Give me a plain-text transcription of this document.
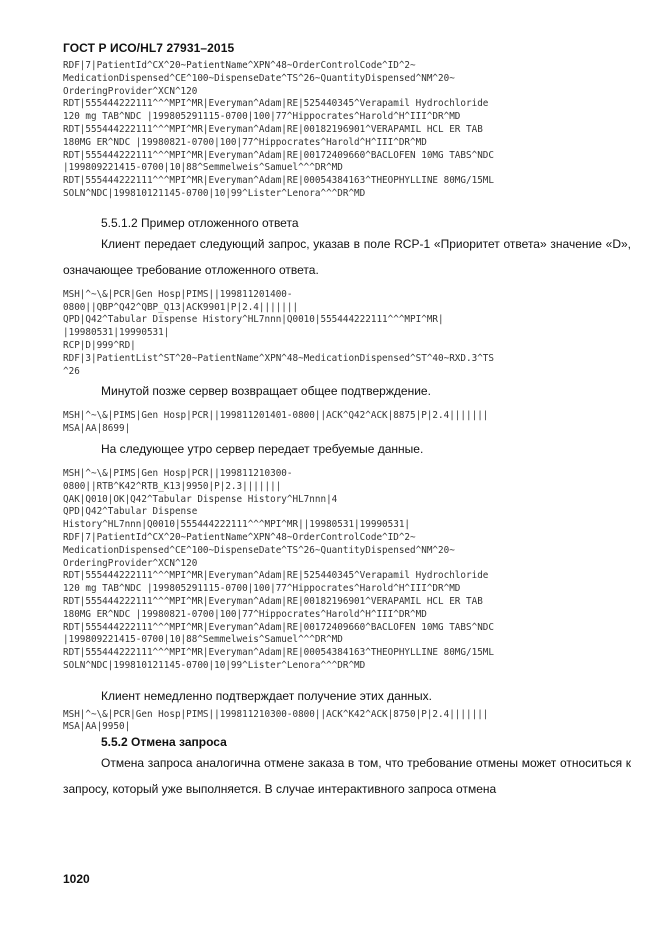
ГОСТ Р ИСО/HL7 27931–2015
RDF|7|PatientId^CX^20~PatientName^XPN^48~OrderControlCode^ID^2~
MedicationDispensed^CE^100~DispenseDate^TS^26~QuantityDispensed^NM^20~
OrderingProvider^XCN^120
RDT|555444222111^^^MPI^MR|Everyman^Adam|RE|525440345^Verapamil Hydrochloride
120 mg TAB^NDC |199805291115-0700|100|77^Hippocrates^Harold^H^III^DR^MD
RDT|555444222111^^^MPI^MR|Everyman^Adam|RE|00182196901^VERAPAMIL HCL ER TAB
180MG ER^NDC |19980821-0700|100|77^Hippocrates^Harold^H^III^DR^MD
RDT|555444222111^^^MPI^MR|Everyman^Adam|RE|00172409660^BACLOFEN 10MG TABS^NDC
|199809221415-0700|10|88^Semmelweis^Samuel^^^DR^MD
RDT|555444222111^^^MPI^MR|Everyman^Adam|RE|00054384163^THEOPHYLLINE 80MG/15ML
SOLN^NDC|199810121145-0700|10|99^Lister^Lenora^^^DR^MD

5.5.1.2 Пример отложенного ответа

Клиент передает следующий запрос, указав в поле RCP-1 «Приоритет ответа» значение «D», означающее требование отложенного ответа.

MSH|^~\&|PCR|Gen Hosp|PIMS||199811201400-
0800||QBP^Q42^QBP_Q13|ACK9901|P|2.4|||||||
QPD|Q42^Tabular Dispense History^HL7nnn|Q0010|555444222111^^^MPI^MR|
|19980531|19990531|
RCP|D|999^RD|
RDF|3|PatientList^ST^20~PatientName^XPN^48~MedicationDispensed^ST^40~RXD.3^TS
^26

Минутой позже сервер возвращает общее подтверждение.

MSH|^~\&|PIMS|Gen Hosp|PCR||199811201401-0800||ACK^Q42^ACK|8875|P|2.4|||||||
MSA|AA|8699|

На следующее утро сервер передает требуемые данные.

MSH|^~\&|PIMS|Gen Hosp|PCR||199811210300-
0800||RTB^K42^RTB_K13|9950|P|2.3|||||||
QAK|Q010|OK|Q42^Tabular Dispense History^HL7nnn|4
QPD|Q42^Tabular Dispense
History^HL7nnn|Q0010|555444222111^^^MPI^MR||19980531|19990531|
RDF|7|PatientId^CX^20~PatientName^XPN^48~OrderControlCode^ID^2~
MedicationDispensed^CE^100~DispenseDate^TS^26~QuantityDispensed^NM^20~
OrderingProvider^XCN^120
RDT|555444222111^^^MPI^MR|Everyman^Adam|RE|525440345^Verapamil Hydrochloride
120 mg TAB^NDC |199805291115-0700|100|77^Hippocrates^Harold^H^III^DR^MD
RDT|555444222111^^^MPI^MR|Everyman^Adam|RE|00182196901^VERAPAMIL HCL ER TAB
180MG ER^NDC |19980821-0700|100|77^Hippocrates^Harold^H^III^DR^MD
RDT|555444222111^^^MPI^MR|Everyman^Adam|RE|00172409660^BACLOFEN 10MG TABS^NDC
|199809221415-0700|10|88^Semmelweis^Samuel^^^DR^MD
RDT|555444222111^^^MPI^MR|Everyman^Adam|RE|00054384163^THEOPHYLLINE 80MG/15ML
SOLN^NDC|199810121145-0700|10|99^Lister^Lenora^^^DR^MD

Клиент немедленно подтверждает получение этих данных.

MSH|^~\&|PCR|Gen Hosp|PIMS||199811210300-0800||ACK^K42^ACK|8750|P|2.4|||||||
MSA|AA|9950|

5.5.2 Отмена запроса

Отмена запроса аналогична отмене заказа в том, что требование отмены может относиться к запросу, который уже выполняется. В случае интерактивного запроса отмена

1020
